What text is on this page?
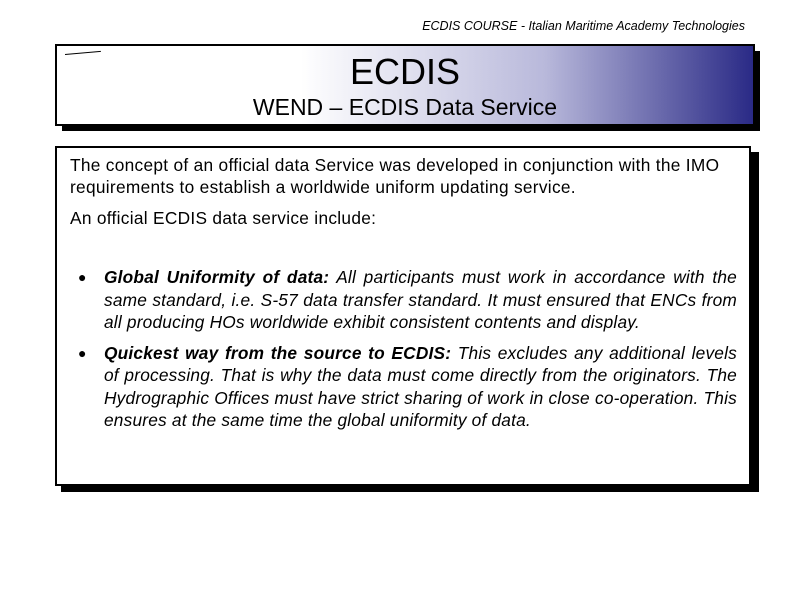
ECDIS COURSE - Italian Maritime Academy Technologies
ECDIS
WEND – ECDIS Data Service

The concept of an official data Service was developed in conjunction with the IMO requirements to establish a worldwide uniform updating service.

An official ECDIS data service include:

● Global Uniformity of data: All participants must work in accordance with the same standard, i.e. S-57 data transfer standard. It must ensured that ENCs from all producing HOs worldwide exhibit consistent contents and display.
● Quickest way from the source to ECDIS: This excludes any additional levels of processing. That is why the data must come directly from the originators. The Hydrographic Offices must have strict sharing of work in close co-operation. This ensures at the same time the global uniformity of data.
